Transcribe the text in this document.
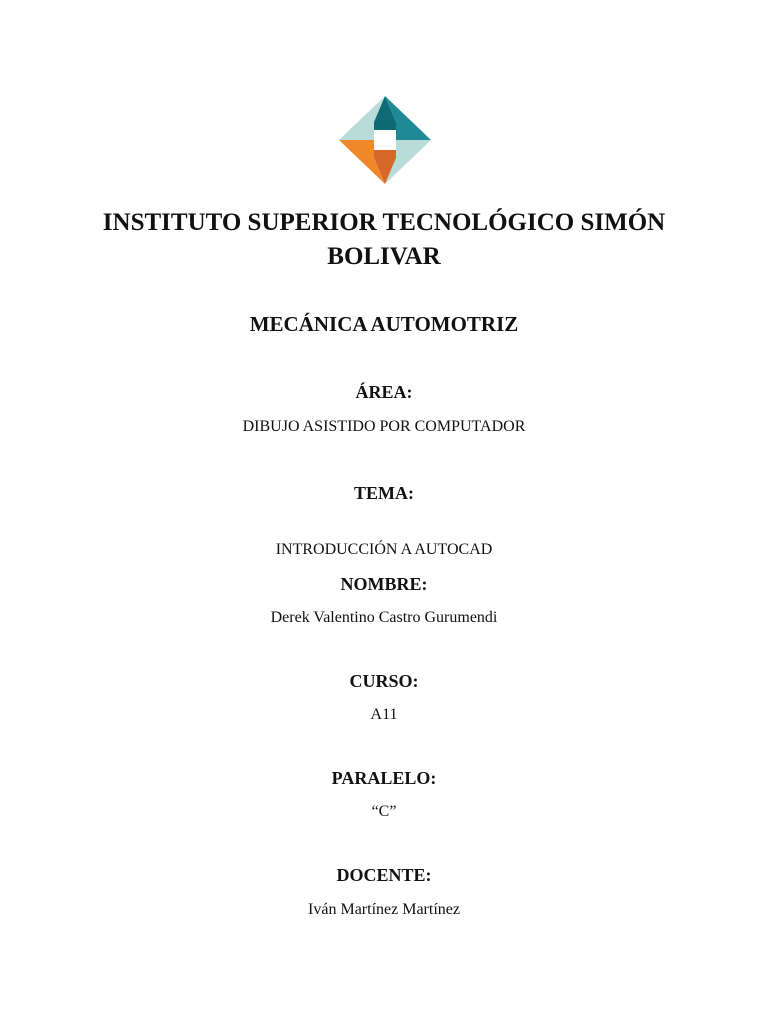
INSTITUTO SUPERIOR TECNOLÓGICO SIMÓN
BOLIVAR
MECÁNICA AUTOMOTRIZ
ÁREA:
DIBUJO ASISTIDO POR COMPUTADOR
TEMA:
INTRODUCCIÓN A AUTOCAD
NOMBRE:
Derek Valentino Castro Gurumendi
CURSO:
A11
PARALELO:
“C”
DOCENTE:
Iván Martínez Martínez
